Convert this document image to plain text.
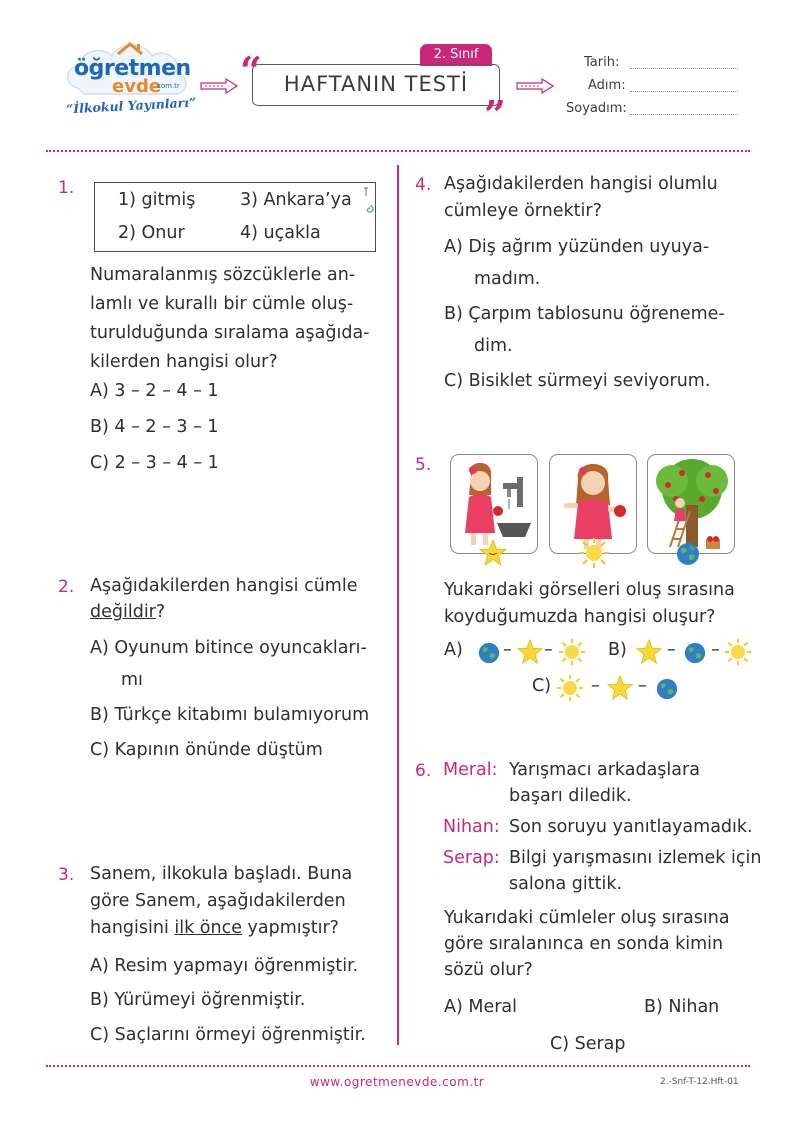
öğretmen
evde
com.tr
“İlkokul Yayınları”
2. Sınıf
HAFTANIN TESTİ
“
”
Tarih:
Adım:
Soyadım:
1.
1) gitmiş	3) Ankara’ya
2) Onur	4) uçakla
Numaralanmış sözcüklerle an-
lamlı ve kurallı bir cümle oluş-
turulduğunda sıralama aşağıda-
kilerden hangisi olur?
A) 3 – 2 – 4 – 1
B) 4 – 2 – 3 – 1
C) 2 – 3 – 4 – 1
2. Aşağıdakilerden hangisi cümle
değildir?
A) Oyunum bitince oyuncakları-
mı
B) Türkçe kitabımı bulamıyorum
C) Kapının önünde düştüm
3. Sanem, ilkokula başladı. Buna
göre Sanem, aşağıdakilerden
hangisini ilk önce yapmıştır?
A) Resim yapmayı öğrenmiştir.
B) Yürümeyi öğrenmiştir.
C) Saçlarını örmeyi öğrenmiştir.
4. Aşağıdakilerden hangisi olumlu
cümleye örnektir?
A) Diş ağrım yüzünden uyuya-
madım.
B) Çarpım tablosunu öğreneme-
dim.
C) Bisiklet sürmeyi seviyorum.
5.
Yukarıdaki görselleri oluş sırasına
koyduğumuzda hangisi oluşur?
A) – –	B) – –
C) – –
6. Meral: Yarışmacı arkadaşlara
başarı diledik.
Nihan: Son soruyu yanıtlayamadık.
Serap: Bilgi yarışmasını izlemek için
salona gittik.
Yukarıdaki cümleler oluş sırasına
göre sıralanınca en sonda kimin
sözü olur?
A) Meral	B) Nihan
C) Serap
www.ogretmenevde.com.tr	2.-Snf-T-12.Hft-01
